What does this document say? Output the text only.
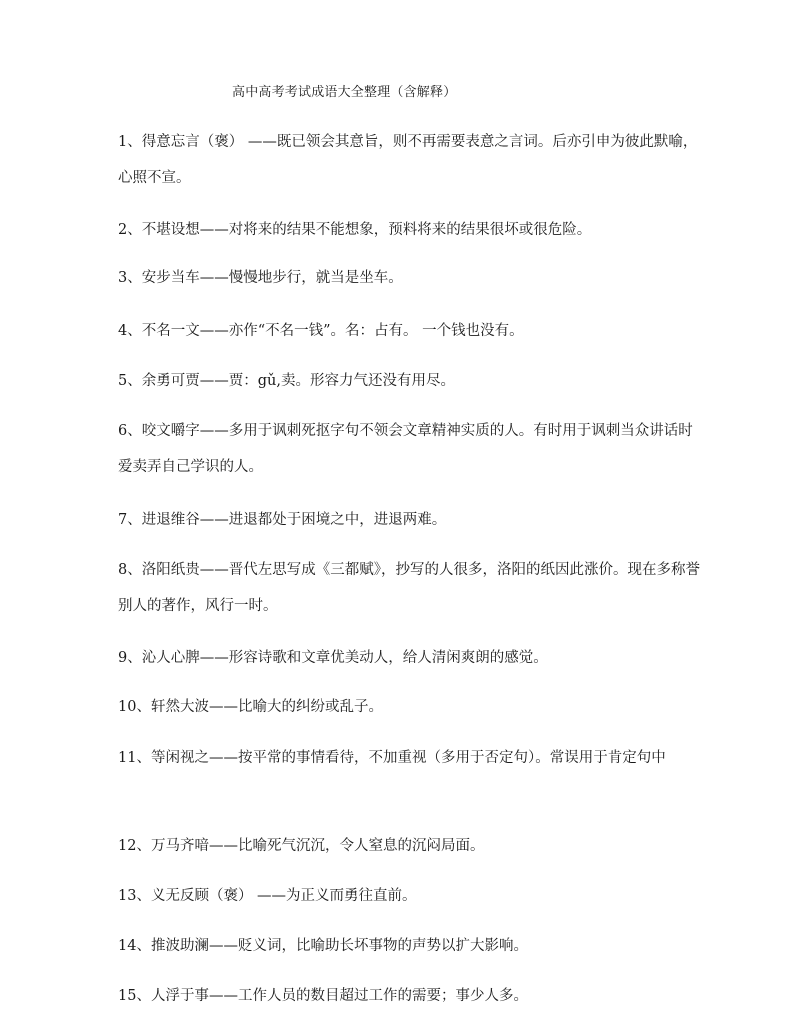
高中高考考试成语大全整理（含解释）
1、得意忘言（褒） ——既已领会其意旨，则不再需要表意之言词。后亦引申为彼此默喻，心照不宣。
2、不堪设想——对将来的结果不能想象，预料将来的结果很坏或很危险。
3、安步当车——慢慢地步行，就当是坐车。
4、不名一文——亦作“不名一钱”。名：占有。 一个钱也没有。
5、余勇可贾——贾：gǔ,卖。形容力气还没有用尽。
6、咬文嚼字——多用于讽刺死抠字句不领会文章精神实质的人。有时用于讽刺当众讲话时爱卖弄自己学识的人。
7、进退维谷——进退都处于困境之中，进退两难。
8、洛阳纸贵——晋代左思写成《三都赋》，抄写的人很多，洛阳的纸因此涨价。现在多称誉别人的著作，风行一时。
9、沁人心脾——形容诗歌和文章优美动人，给人清闲爽朗的感觉。
10、轩然大波——比喻大的纠纷或乱子。
11、等闲视之——按平常的事情看待，不加重视（多用于否定句）。常误用于肯定句中
12、万马齐喑——比喻死气沉沉，令人窒息的沉闷局面。
13、义无反顾（褒） ——为正义而勇往直前。
14、推波助澜——贬义词，比喻助长坏事物的声势以扩大影响。
15、人浮于事——工作人员的数目超过工作的需要；事少人多。
